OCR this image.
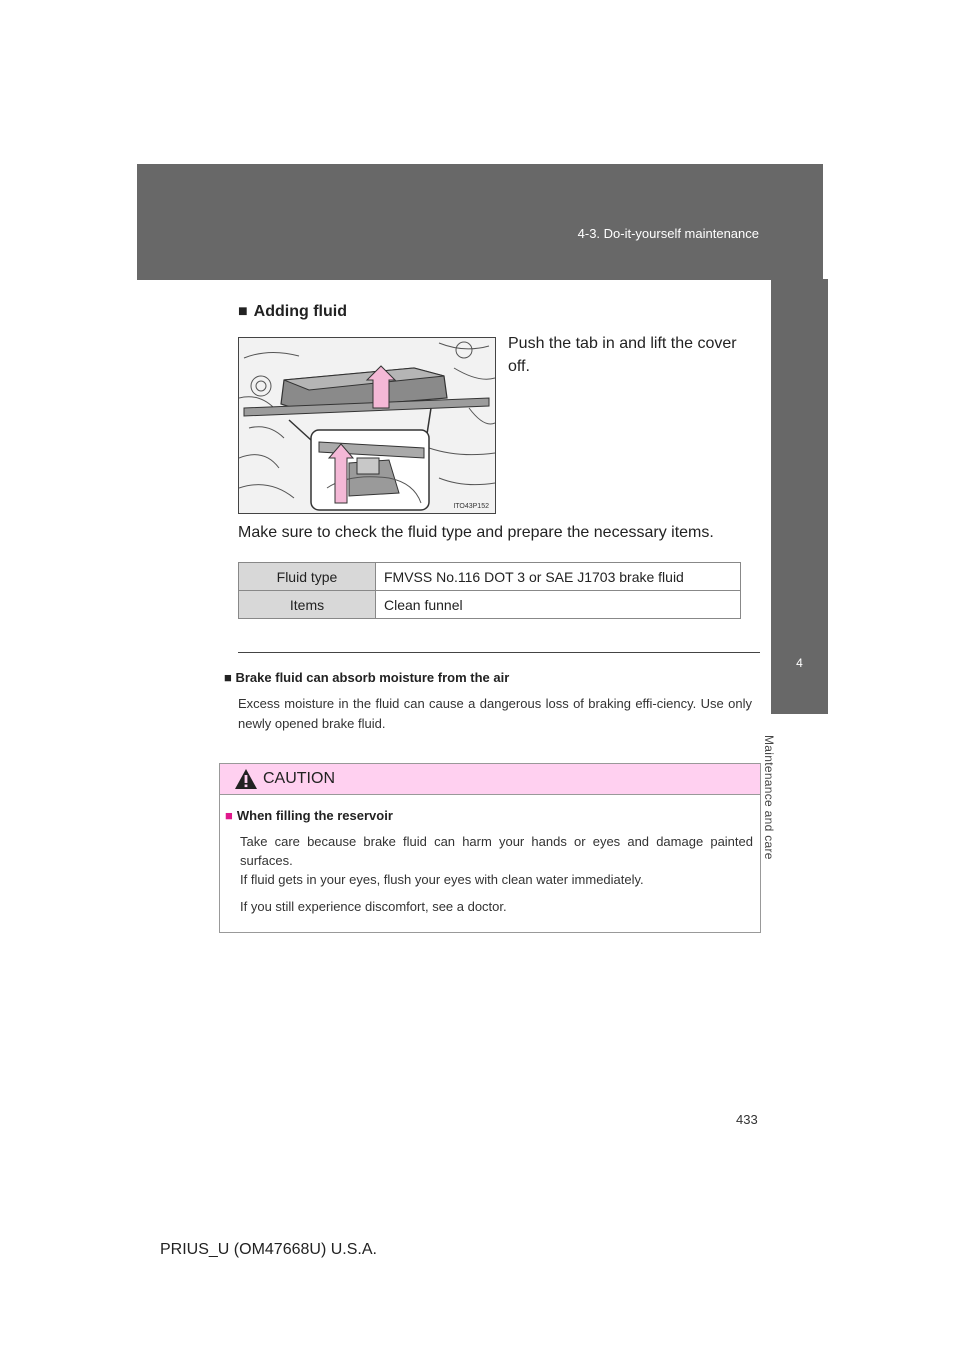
4-3. Do-it-yourself maintenance
4
Maintenance and care
■ Adding fluid
ITO43P152
Push the tab in and lift the cover off.
Make sure to check the fluid type and prepare the necessary items.
Fluid type	FMVSS No.116 DOT 3 or SAE J1703 brake fluid
Items	Clean funnel
■ Brake fluid can absorb moisture from the air
Excess moisture in the fluid can cause a dangerous loss of braking effi-ciency. Use only newly opened brake fluid.
CAUTION
■ When filling the reservoir
Take care because brake fluid can harm your hands or eyes and damage painted surfaces.
If fluid gets in your eyes, flush your eyes with clean water immediately.
If you still experience discomfort, see a doctor.
433
PRIUS_U (OM47668U) U.S.A.
